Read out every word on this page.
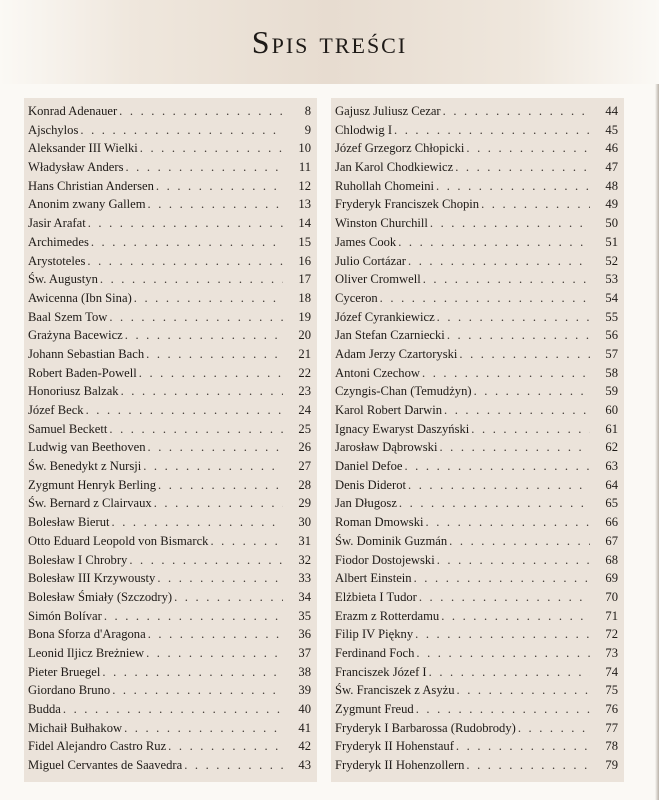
Spis treści
Konrad Adenauer . . .	8
Ajschylos . . .	9
Aleksander III Wielki . . .	10
Władysław Anders . . .	11
Hans Christian Andersen . . .	12
Anonim zwany Gallem . . .	13
Jasir Arafat . . .	14
Archimedes . . .	15
Arystoteles . . .	16
Św. Augustyn . . .	17
Awicenna (Ibn Sina) . . .	18
Baal Szem Tow . . .	19
Grażyna Bacewicz . . .	20
Johann Sebastian Bach . . .	21
Robert Baden-Powell . . .	22
Honoriusz Balzak . . .	23
Józef Beck . . .	24
Samuel Beckett . . .	25
Ludwig van Beethoven . . .	26
Św. Benedykt z Nursji . . .	27
Zygmunt Henryk Berling . . .	28
Św. Bernard z Clairvaux . . .	29
Bolesław Bierut . . .	30
Otto Eduard Leopold von Bismarck . . .	31
Bolesław I Chrobry . . .	32
Bolesław III Krzywousty . . .	33
Bolesław Śmiały (Szczodry) . . .	34
Simón Bolívar . . .	35
Bona Sforza d'Aragona . . .	36
Leonid Iljicz Breżniew . . .	37
Pieter Bruegel . . .	38
Giordano Bruno . . .	39
Budda . . .	40
Michaił Bułhakow . . .	41
Fidel Alejandro Castro Ruz . . .	42
Miguel Cervantes de Saavedra . . .	43
Gajusz Juliusz Cezar . . .	44
Chlodwig I . . .	45
Józef Grzegorz Chłopicki . . .	46
Jan Karol Chodkiewicz . . .	47
Ruhollah Chomeini . . .	48
Fryderyk Franciszek Chopin . . .	49
Winston Churchill . . .	50
James Cook . . .	51
Julio Cortázar . . .	52
Oliver Cromwell . . .	53
Cyceron . . .	54
Józef Cyrankiewicz . . .	55
Jan Stefan Czarniecki . . .	56
Adam Jerzy Czartoryski . . .	57
Antoni Czechow . . .	58
Czyngis-Chan (Temudżyn) . . .	59
Karol Robert Darwin . . .	60
Ignacy Ewaryst Daszyński . . .	61
Jarosław Dąbrowski . . .	62
Daniel Defoe . . .	63
Denis Diderot . . .	64
Jan Długosz . . .	65
Roman Dmowski . . .	66
Św. Dominik Guzmán . . .	67
Fiodor Dostojewski . . .	68
Albert Einstein . . .	69
Elżbieta I Tudor . . .	70
Erazm z Rotterdamu . . .	71
Filip IV Piękny . . .	72
Ferdinand Foch . . .	73
Franciszek Józef I . . .	74
Św. Franciszek z Asyżu . . .	75
Zygmunt Freud . . .	76
Fryderyk I Barbarossa (Rudobrody) . . .	77
Fryderyk II Hohenstauf . . .	78
Fryderyk II Hohenzollern . . .	79
